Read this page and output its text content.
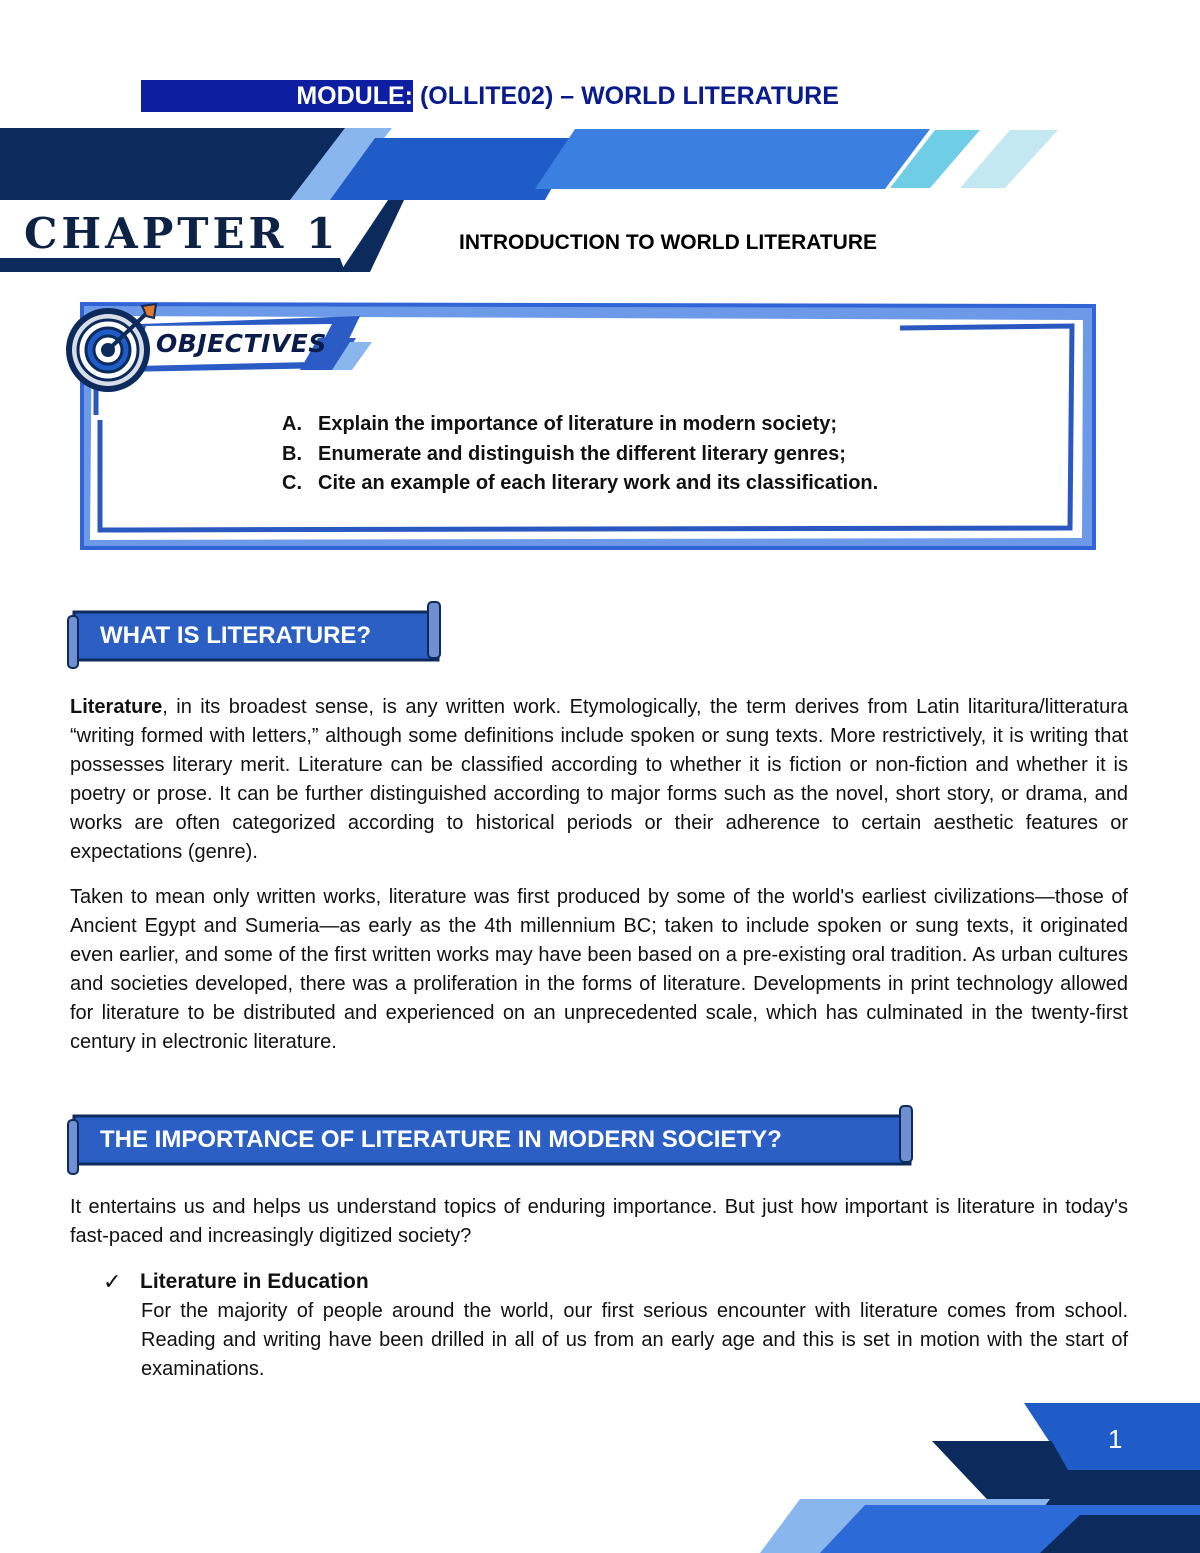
MODULE: (OLLITE02) – WORLD LITERATURE
CHAPTER 1	INTRODUCTION TO WORLD LITERATURE
OBJECTIVES
A. Explain the importance of literature in modern society;
B. Enumerate and distinguish the different literary genres;
C. Cite an example of each literary work and its classification.
WHAT IS LITERATURE?

Literature, in its broadest sense, is any written work. Etymologically, the term derives from Latin litaritura/litteratura “writing formed with letters,” although some definitions include spoken or sung texts. More restrictively, it is writing that possesses literary merit. Literature can be classified according to whether it is fiction or non-fiction and whether it is poetry or prose. It can be further distinguished according to major forms such as the novel, short story, or drama, and works are often categorized according to historical periods or their adherence to certain aesthetic features or expectations (genre).

Taken to mean only written works, literature was first produced by some of the world's earliest civilizations—those of Ancient Egypt and Sumeria—as early as the 4th millennium BC; taken to include spoken or sung texts, it originated even earlier, and some of the first written works may have been based on a pre-existing oral tradition. As urban cultures and societies developed, there was a proliferation in the forms of literature. Developments in print technology allowed for literature to be distributed and experienced on an unprecedented scale, which has culminated in the twenty-first century in electronic literature.

THE IMPORTANCE OF LITERATURE IN MODERN SOCIETY?

It entertains us and helps us understand topics of enduring importance. But just how important is literature in today's fast-paced and increasingly digitized society?

✓ Literature in Education

For the majority of people around the world, our first serious encounter with literature comes from school. Reading and writing have been drilled in all of us from an early age and this is set in motion with the start of examinations.

1
